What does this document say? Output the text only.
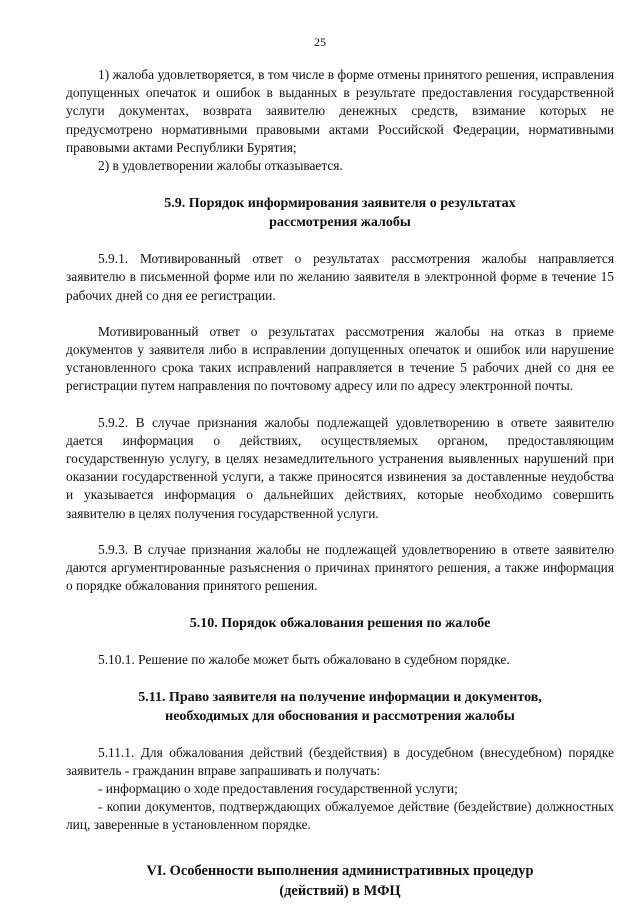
25

1) жалоба удовлетворяется, в том числе в форме отмены принятого решения, исправления допущенных опечаток и ошибок в выданных в результате предоставления государственной услуги документах, возврата заявителю денежных средств, взимание которых не предусмотрено нормативными правовыми актами Российской Федерации, нормативными правовыми актами Республики Бурятия;

2) в удовлетворении жалобы отказывается.

5.9. Порядок информирования заявителя о результатах
рассмотрения жалобы

5.9.1. Мотивированный ответ о результатах рассмотрения жалобы направляется заявителю в письменной форме или по желанию заявителя в электронной форме в течение 15 рабочих дней со дня ее регистрации.

Мотивированный ответ о результатах рассмотрения жалобы на отказ в приеме документов у заявителя либо в исправлении допущенных опечаток и ошибок или нарушение установленного срока таких исправлений направляется в течение 5 рабочих дней со дня ее регистрации путем направления по почтовому адресу или по адресу электронной почты.

5.9.2. В случае признания жалобы подлежащей удовлетворению в ответе заявителю дается информация о действиях, осуществляемых органом, предоставляющим государственную услугу, в целях незамедлительного устранения выявленных нарушений при оказании государственной услуги, а также приносятся извинения за доставленные неудобства и указывается информация о дальнейших действиях, которые необходимо совершить заявителю в целях получения государственной услуги.

5.9.3. В случае признания жалобы не подлежащей удовлетворению в ответе заявителю даются аргументированные разъяснения о причинах принятого решения, а также информация о порядке обжалования принятого решения.

5.10. Порядок обжалования решения по жалобе

5.10.1. Решение по жалобе может быть обжаловано в судебном порядке.

5.11. Право заявителя на получение информации и документов,
необходимых для обоснования и рассмотрения жалобы

5.11.1. Для обжалования действий (бездействия) в досудебном (внесудебном) порядке заявитель - гражданин вправе запрашивать и получать:

- информацию о ходе предоставления государственной услуги;

- копии документов, подтверждающих обжалуемое действие (бездействие) должностных лиц, заверенные в установленном порядке.

VI. Особенности выполнения административных процедур
(действий) в МФЦ
